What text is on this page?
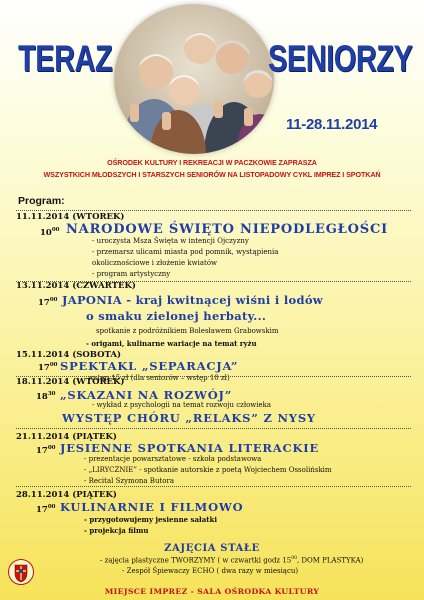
TERAZ	SENIORZY

11-28.11.2014

OŚRODEK KULTURY I REKREACJI W PACZKOWIE ZAPRASZA

WSZYSTKICH MŁODSZYCH I STARSZYCH SENIORÓW NA LISTOPADOWY CYKL IMPREZ I SPOTKAŃ

Program:

11.11.2014 (WTOREK)

$10^{00}$ NARODOWE ŚWIĘTO NIEPODLEGŁOŚCI

- uroczysta Msza Święta w intencji Ojczyzny

- przemarsz ulicami miasta pod pomnik, wystąpienia

okolicznościowe i złożenie kwiatów

- program artystyczny

13.11.2014 (CZWARTEK)

$17^{00}$ JAPONIA - kraj kwitnącej wiśni i lodów

o smaku zielonej herbaty...

spotkanie z podróżnikiem Bolesławem Grabowskim

- origami, kulinarne wariacje na temat ryżu

15.11.2014 (SOBOTA)

$17^{00}$ SPEKTAKL „SEPARACJA”

wstęp 15 zł (dla seniorów – wstęp 10 zł)

18.11.2014 (WTOREK)

$18^{30}$ „SKAZANI NA ROZWÓJ”

- wykład z psychologii na temat rozwoju człowieka

WYSTĘP CHÓRU „RELAKS” Z NYSY

21.11.2014 (PIĄTEK)

$17^{00}$ JESIENNE SPOTKANIA LITERACKIE

- prezentacje powarsztatowe - szkoła podstawowa

- „LIRYCZNIE” - spotkanie autorskie z poetą Wojciechem Ossolińskim

- Recital Szymona Butora

28.11.2014 (PIĄTEK)

$17^{00}$ KULINARNIE I FILMOWO

- przygotowujemy jesienne sałatki

- projekcja filmu

ZAJĘCIA STAŁE

- zajęcia plastyczne TWORZYMY ( w czwartki godz $15^{00}$, DOM PLASTYKA)

- Zespół Śpiewaczy ECHO ( dwa razy w miesiącu)

MIEJSCE IMPREZ - SALA OŚRODKA KULTURY
